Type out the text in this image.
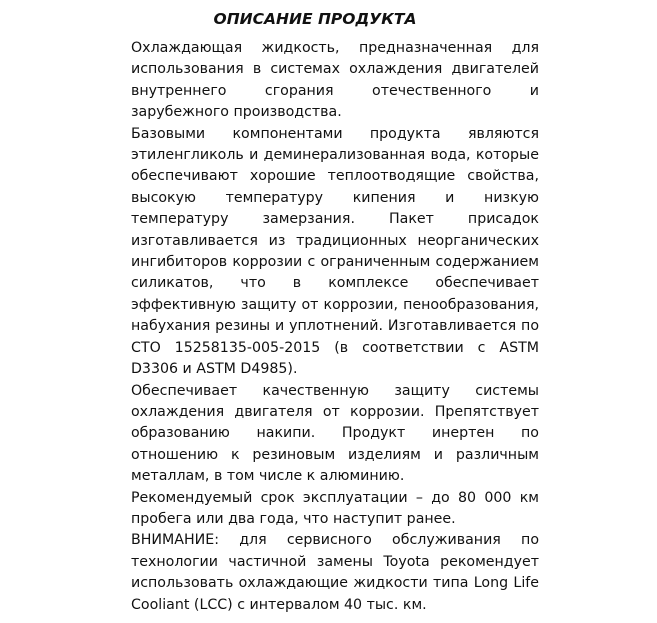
ОПИСАНИЕ ПРОДУКТА

Охлаждающая жидкость, предназначенная для использования в системах охлаждения двигателей внутреннего сгорания отечественного и зарубежного производства.

Базовыми компонентами продукта являются этиленгликоль и деминерализованная вода, которые обеспечивают хорошие теплоотводящие свойства, высокую температуру кипения и низкую температуру замерзания. Пакет присадок изготавливается из традиционных неорганических ингибиторов коррозии с ограниченным содержанием силикатов, что в комплексе обеспечивает эффективную защиту от коррозии, пенообразования, набухания резины и уплотнений. Изготавливается по СТО 15258135-005-2015 (в соответствии с ASTM D3306 и ASTM D4985).

Обеспечивает качественную защиту системы охлаждения двигателя от коррозии. Препятствует образованию накипи. Продукт инертен по отношению к резиновым изделиям и различным металлам, в том числе к алюминию.

Рекомендуемый срок эксплуатации – до 80 000 км пробега или два года, что наступит ранее.

ВНИМАНИЕ: для сервисного обслуживания по технологии частичной замены Toyota рекомендует использовать охлаждающие жидкости типа Long Life Cooliant (LCC) с интервалом 40 тыс. км.
